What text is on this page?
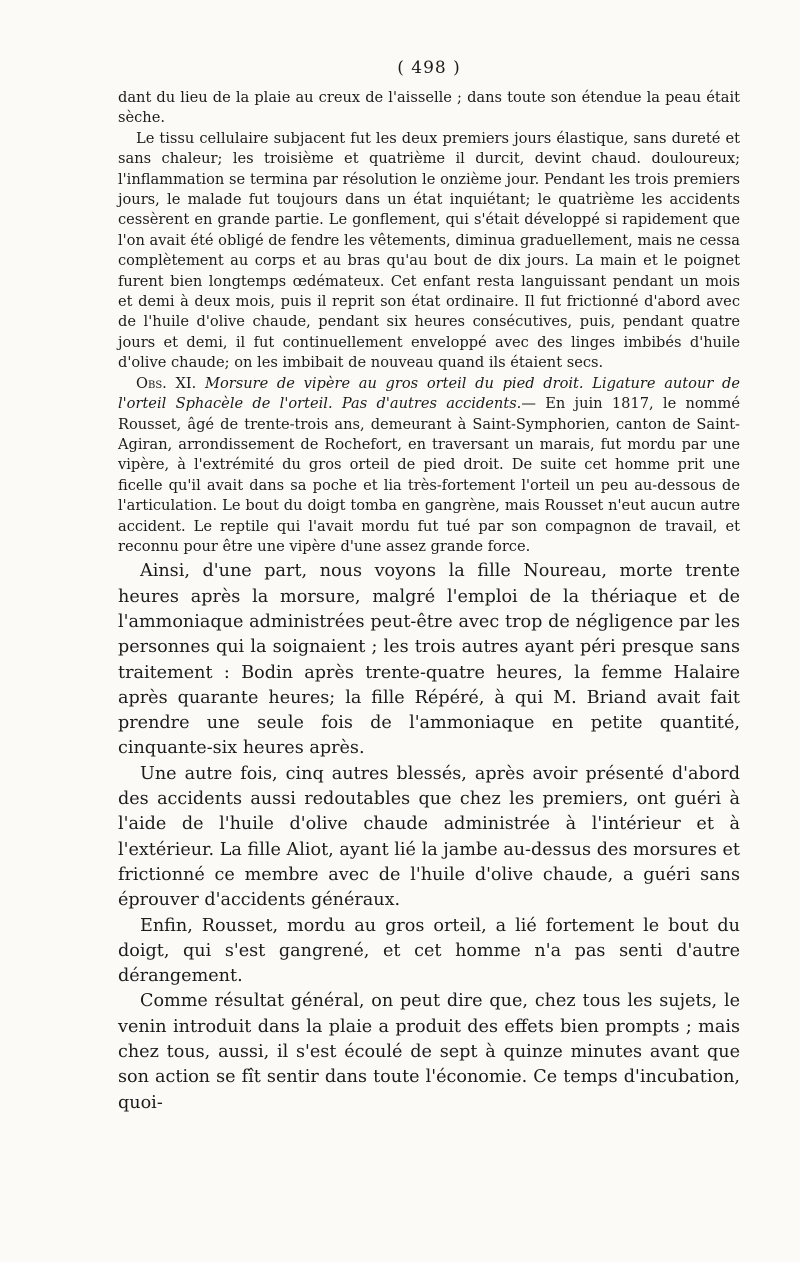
( 498 )

dant du lieu de la plaie au creux de l'aisselle ; dans toute son étendue la peau était sèche.

Le tissu cellulaire subjacent fut les deux premiers jours élastique, sans dureté et sans chaleur; les troisième et quatrième il durcit, devint chaud. douloureux; l'inflammation se termina par résolution le onzième jour. Pendant les trois premiers jours, le malade fut toujours dans un état inquiétant; le quatrième les accidents cessèrent en grande partie. Le gonflement, qui s'était développé si rapidement que l'on avait été obligé de fendre les vêtements, diminua graduellement, mais ne cessa complètement au corps et au bras qu'au bout de dix jours. La main et le poignet furent bien longtemps œdémateux. Cet enfant resta languissant pendant un mois et demi à deux mois, puis il reprit son état ordinaire. Il fut frictionné d'abord avec de l'huile d'olive chaude, pendant six heures consécutives, puis, pendant quatre jours et demi, il fut continuellement enveloppé avec des linges imbibés d'huile d'olive chaude; on les imbibait de nouveau quand ils étaient secs.

Obs. XI. Morsure de vipère au gros orteil du pied droit. Ligature autour de l'orteil Sphacèle de l'orteil. Pas d'autres accidents.— En juin 1817, le nommé Rousset, âgé de trente-trois ans, demeurant à Saint-Symphorien, canton de Saint-Agiran, arrondissement de Rochefort, en traversant un marais, fut mordu par une vipère, à l'extrémité du gros orteil de pied droit. De suite cet homme prit une ficelle qu'il avait dans sa poche et lia très-fortement l'orteil un peu au-dessous de l'articulation. Le bout du doigt tomba en gangrène, mais Rousset n'eut aucun autre accident. Le reptile qui l'avait mordu fut tué par son compagnon de travail, et reconnu pour être une vipère d'une assez grande force.

Ainsi, d'une part, nous voyons la fille Noureau, morte trente heures après la morsure, malgré l'emploi de la thériaque et de l'ammoniaque administrées peut-être avec trop de négligence par les personnes qui la soignaient ; les trois autres ayant péri presque sans traitement : Bodin après trente-quatre heures, la femme Halaire après quarante heures; la fille Répéré, à qui M. Briand avait fait prendre une seule fois de l'ammoniaque en petite quantité, cinquante-six heures après.

Une autre fois, cinq autres blessés, après avoir présenté d'abord des accidents aussi redoutables que chez les premiers, ont guéri à l'aide de l'huile d'olive chaude administrée à l'intérieur et à l'extérieur. La fille Aliot, ayant lié la jambe au-dessus des morsures et frictionné ce membre avec de l'huile d'olive chaude, a guéri sans éprouver d'accidents généraux.

Enfin, Rousset, mordu au gros orteil, a lié fortement le bout du doigt, qui s'est gangrené, et cet homme n'a pas senti d'autre dérangement.

Comme résultat général, on peut dire que, chez tous les sujets, le venin introduit dans la plaie a produit des effets bien prompts ; mais chez tous, aussi, il s'est écoulé de sept à quinze minutes avant que son action se fît sentir dans toute l'économie. Ce temps d'incubation, quoi-
